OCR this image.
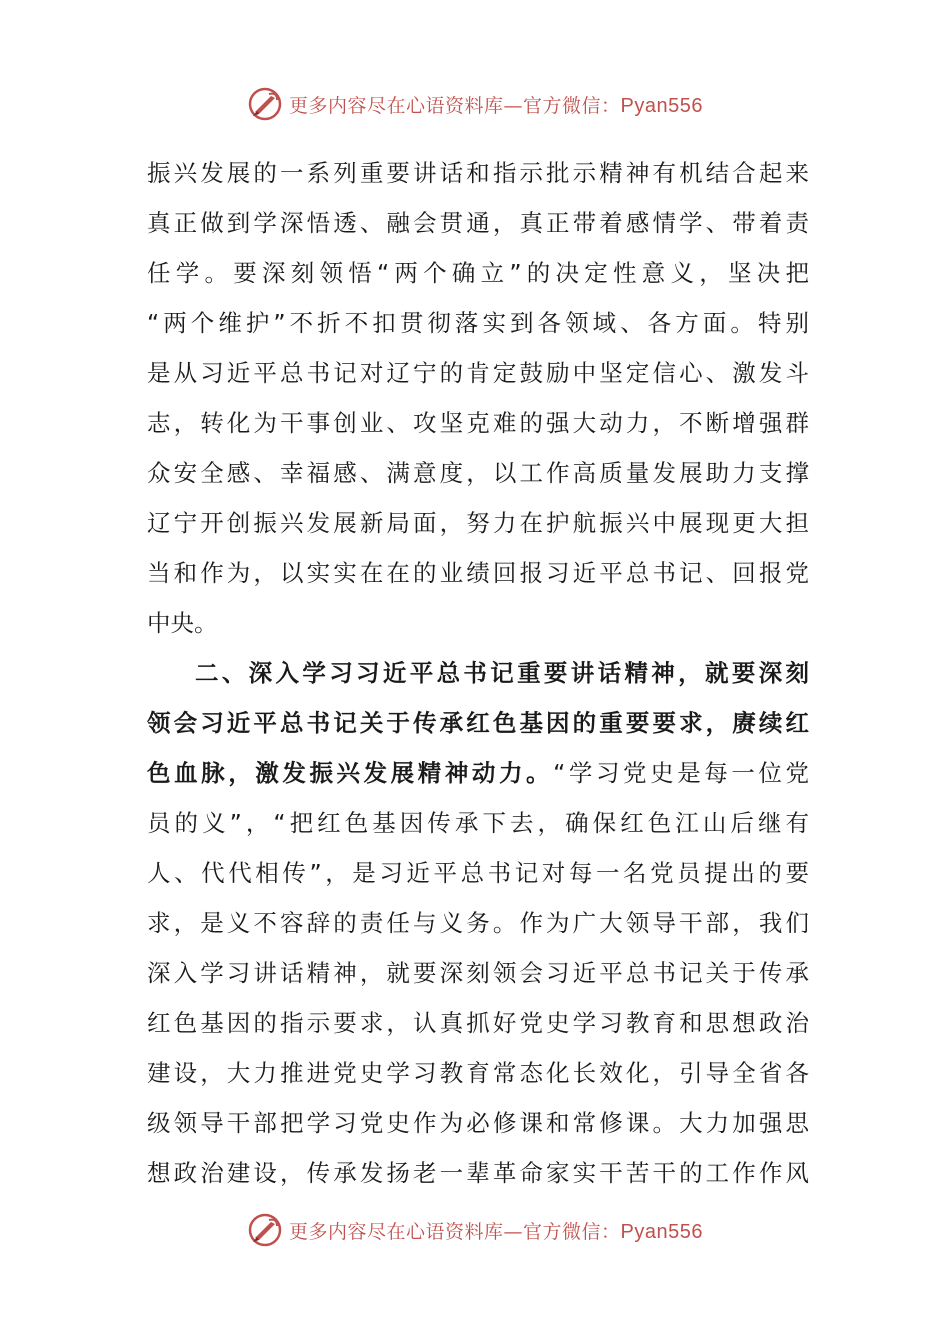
更多内容尽在心语资料库—官方微信：Pyan556
振兴发展的一系列重要讲话和指示批示精神有机结合起来
真正做到学深悟透、融会贯通，真正带着感情学、带着责
任学。要深刻领悟“两个确立”的决定性意义，坚决把
“两个维护”不折不扣贯彻落实到各领域、各方面。特别
是从习近平总书记对辽宁的肯定鼓励中坚定信心、激发斗
志，转化为干事创业、攻坚克难的强大动力，不断增强群
众安全感、幸福感、满意度，以工作高质量发展助力支撑
辽宁开创振兴发展新局面，努力在护航振兴中展现更大担
当和作为，以实实在在的业绩回报习近平总书记、回报党
中央。
二、深入学习习近平总书记重要讲话精神，就要深刻
领会习近平总书记关于传承红色基因的重要要求，赓续红
色血脉，激发振兴发展精神动力。“学习党史是每一位党
员的义”，“把红色基因传承下去，确保红色江山后继有
人、代代相传”，是习近平总书记对每一名党员提出的要
求，是义不容辞的责任与义务。作为广大领导干部，我们
深入学习讲话精神，就要深刻领会习近平总书记关于传承
红色基因的指示要求，认真抓好党史学习教育和思想政治
建设，大力推进党史学习教育常态化长效化，引导全省各
级领导干部把学习党史作为必修课和常修课。大力加强思
想政治建设，传承发扬老一辈革命家实干苦干的工作作风
更多内容尽在心语资料库—官方微信：Pyan556
